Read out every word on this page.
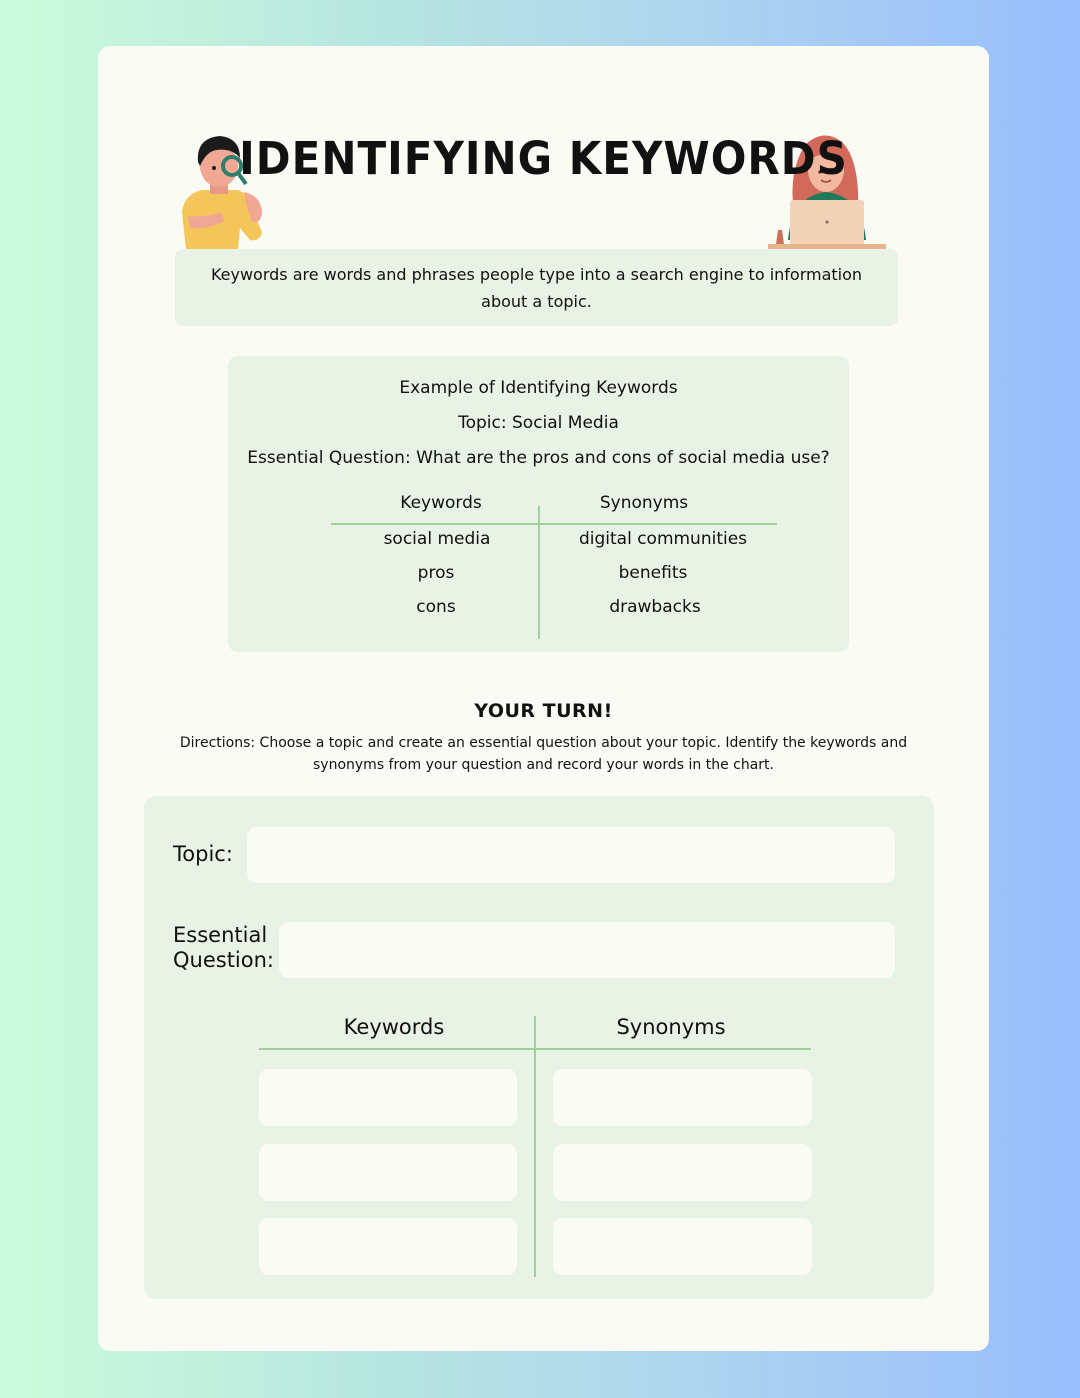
IDENTIFYING KEYWORDS
Keywords are words and phrases people type into a search engine to information about a topic.
Example of Identifying Keywords
Topic: Social Media
Essential Question: What are the pros and cons of social media use?
Keywords	Synonyms
social media	digital communities
pros	benefits
cons	drawbacks
YOUR TURN!
Directions: Choose a topic and create an essential question about your topic. Identify the keywords and synonyms from your question and record your words in the chart.
Topic:
Essential
Question:
Keywords	Synonyms
